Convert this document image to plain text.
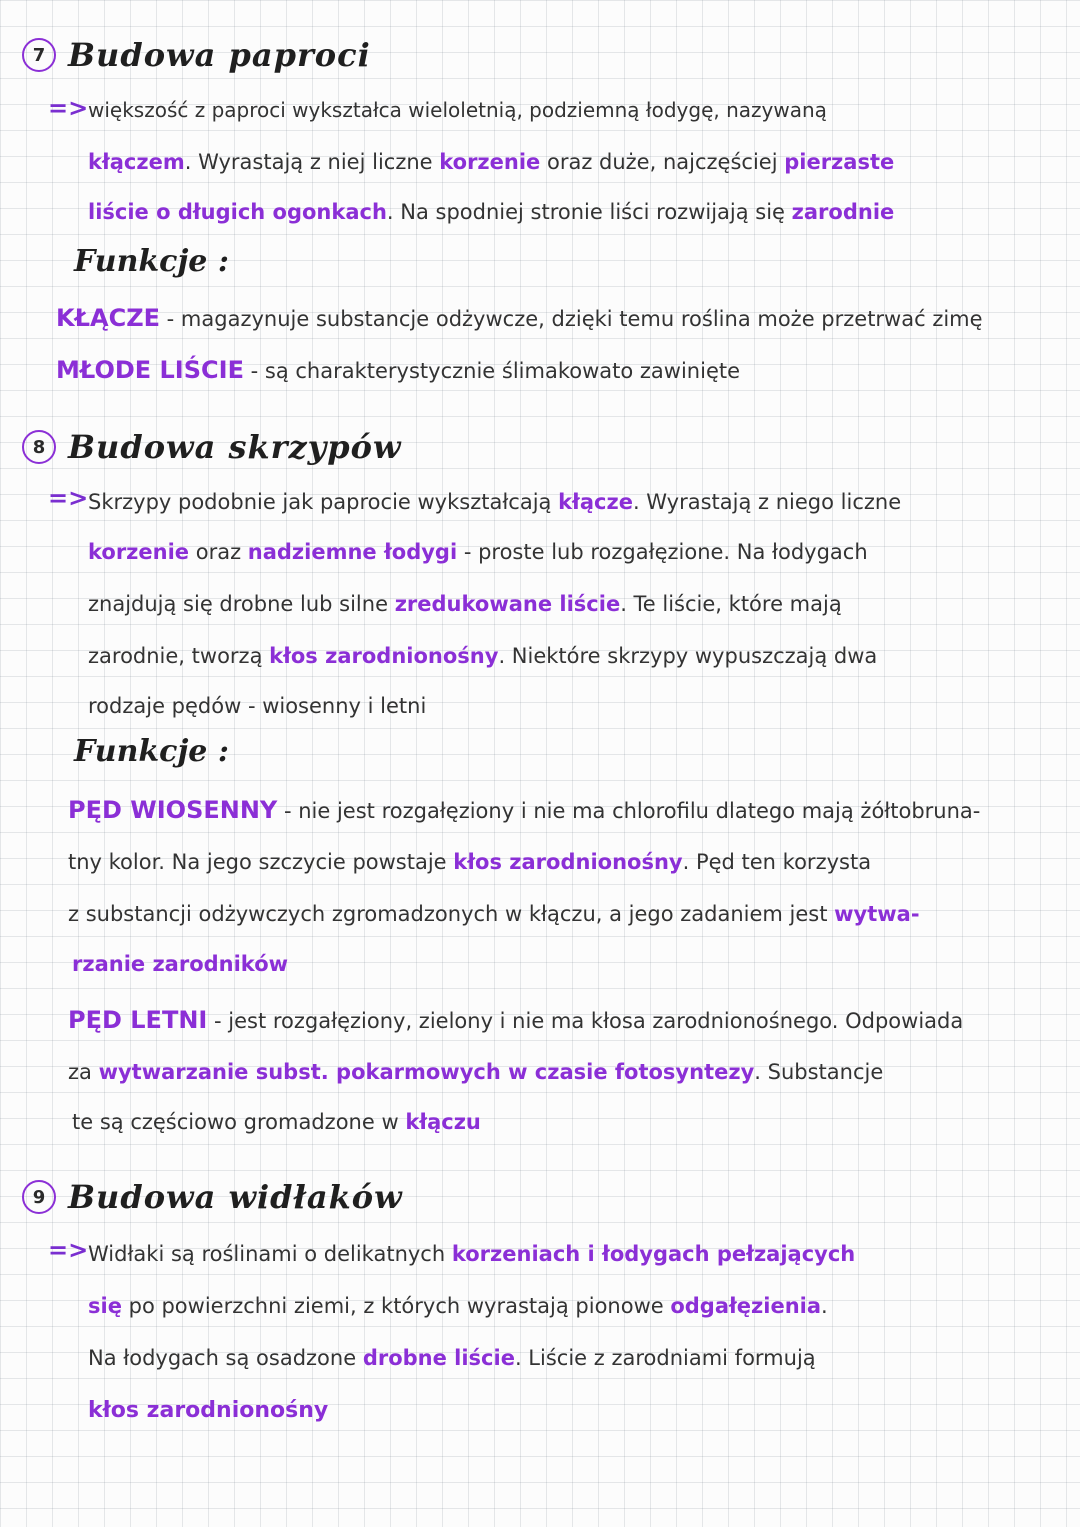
7 Budowa paproci
=> większość z paproci wykształca wieloletnią, podziemną łodygę, nazywaną
kłączem. Wyrastają z niej liczne korzenie oraz duże, najczęściej pierzaste
liście o długich ogonkach. Na spodniej stronie liści rozwijają się zarodnie
Funkcje :
KŁĄCZE - magazynuje substancje odżywcze, dzięki temu roślina może przetrwać zimę
MŁODE LIŚCIE - są charakterystycznie ślimakowato zawinięte
8 Budowa skrzypów
=> Skrzypy podobnie jak paprocie wykształcają kłącze. Wyrastają z niego liczne
korzenie oraz nadziemne łodygi - proste lub rozgałęzione. Na łodygach
znajdują się drobne lub silne zredukowane liście. Te liście, które mają
zarodnie, tworzą kłos zarodnionośny. Niektóre skrzypy wypuszczają dwa
rodzaje pędów - wiosenny i letni
Funkcje :
PĘD WIOSENNY - nie jest rozgałęziony i nie ma chlorofilu dlatego mają żółtobruna-
tny kolor. Na jego szczycie powstaje kłos zarodnionośny. Pęd ten korzysta
z substancji odżywczych zgromadzonych w kłączu, a jego zadaniem jest wytwa-
rzanie zarodników
PĘD LETNI - jest rozgałęziony, zielony i nie ma kłosa zarodnionośnego. Odpowiada
za wytwarzanie subst. pokarmowych w czasie fotosyntezy. Substancje
te są częściowo gromadzone w kłączu
9 Budowa widłaków
=> Widłaki są roślinami o delikatnych korzeniach i łodygach pełzających
się po powierzchni ziemi, z których wyrastają pionowe odgałęzienia.
Na łodygach są osadzone drobne liście. Liście z zarodniami formują
kłos zarodnionośny
